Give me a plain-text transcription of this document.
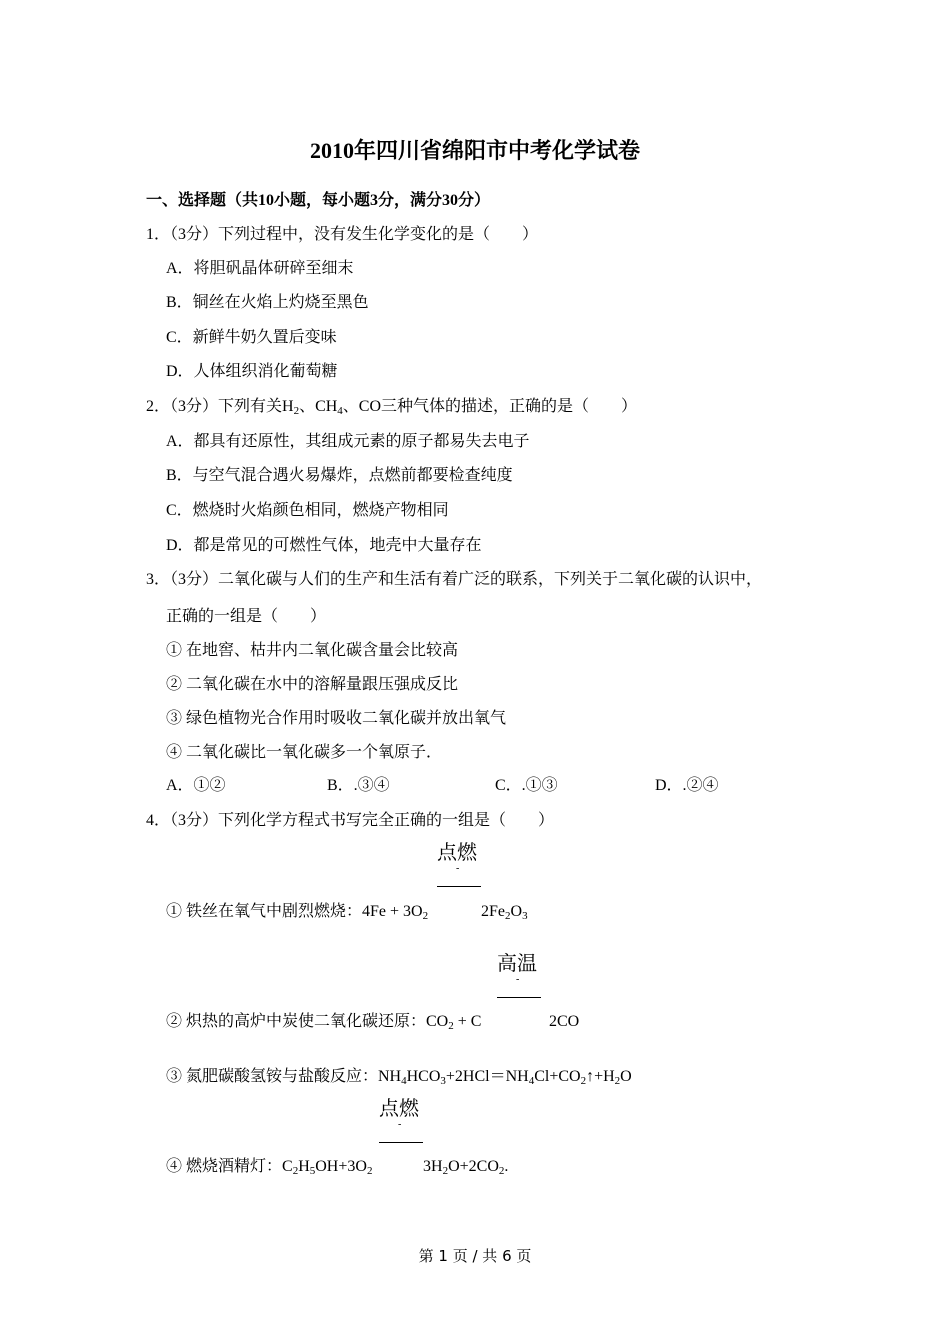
2010年四川省绵阳市中考化学试卷
一、选择题（共10小题，每小题3分，满分30分）
1．（3分）下列过程中，没有发生化学变化的是（　　）
A．将胆矾晶体研碎至细末
B．铜丝在火焰上灼烧至黑色
C．新鲜牛奶久置后变味
D．人体组织消化葡萄糖
2．（3分）下列有关$H_2$、$CH_4$、CO三种气体的描述，正确的是（　　）
A．都具有还原性，其组成元素的原子都易失去电子
B．与空气混合遇火易爆炸，点燃前都要检查纯度
C．燃烧时火焰颜色相同，燃烧产物相同
D．都是常见的可燃性气体，地壳中大量存在
3．（3分）二氧化碳与人们的生产和生活有着广泛的联系，下列关于二氧化碳的认识中，
正确的一组是（　　）
① 在地窖、枯井内二氧化碳含量会比较高
② 二氧化碳在水中的溶解量跟压强成反比
③ 绿色植物光合作用时吸收二氧化碳并放出氧气
④ 二氧化碳比一氧化碳多一个氧原子．
A．①②	B．.③④	C．.①③	D．.②④
4．（3分）下列化学方程式书写完全正确的一组是（　　）
点燃
-
① 铁丝在氧气中剧烈燃烧：$4Fe + 3O_2$	$2Fe_2O_3$
高温
-
② 炽热的高炉中炭使二氧化碳还原：$CO_2 + C$	2CO
③ 氮肥碳酸氢铵与盐酸反应：$NH_4HCO_3+2HCl=NH_4Cl+CO_2↑+H_2O$
点燃
-
④ 燃烧酒精灯：$C_2H_5OH+3O_2$	$3H_2O+2CO_2$.
第 1 页 / 共 6 页
